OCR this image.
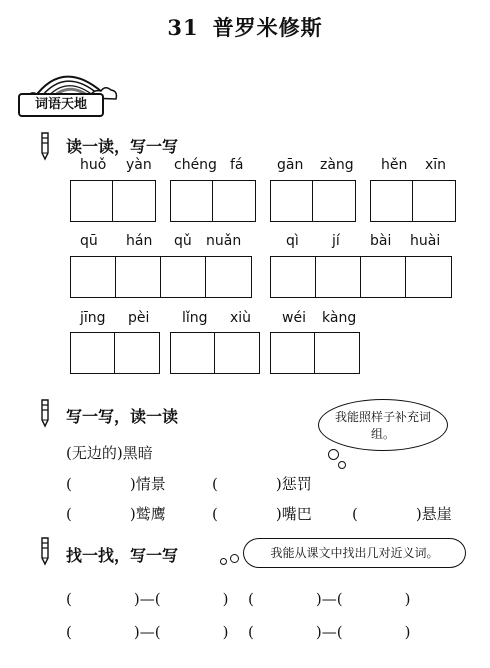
31 普罗米修斯
词语天地
读一读，写一写
huǒ yàn chéng fá gān zàng hěn xīn
qū hán qǔ nuǎn	qì jí bài huài
jīng pèi lǐng xiù wéi kàng
写一写，读一读	我能照样子补充词组。
(无边的)黑暗
(	)情景	(	)惩罚
(	)鹫鹰	(	)嘴巴	(	)悬崖
找一找，写一写	我能从课文中找出几对近义词。
(	)—(	) (	)—(	)
(	)—(	) (	)—(	)
